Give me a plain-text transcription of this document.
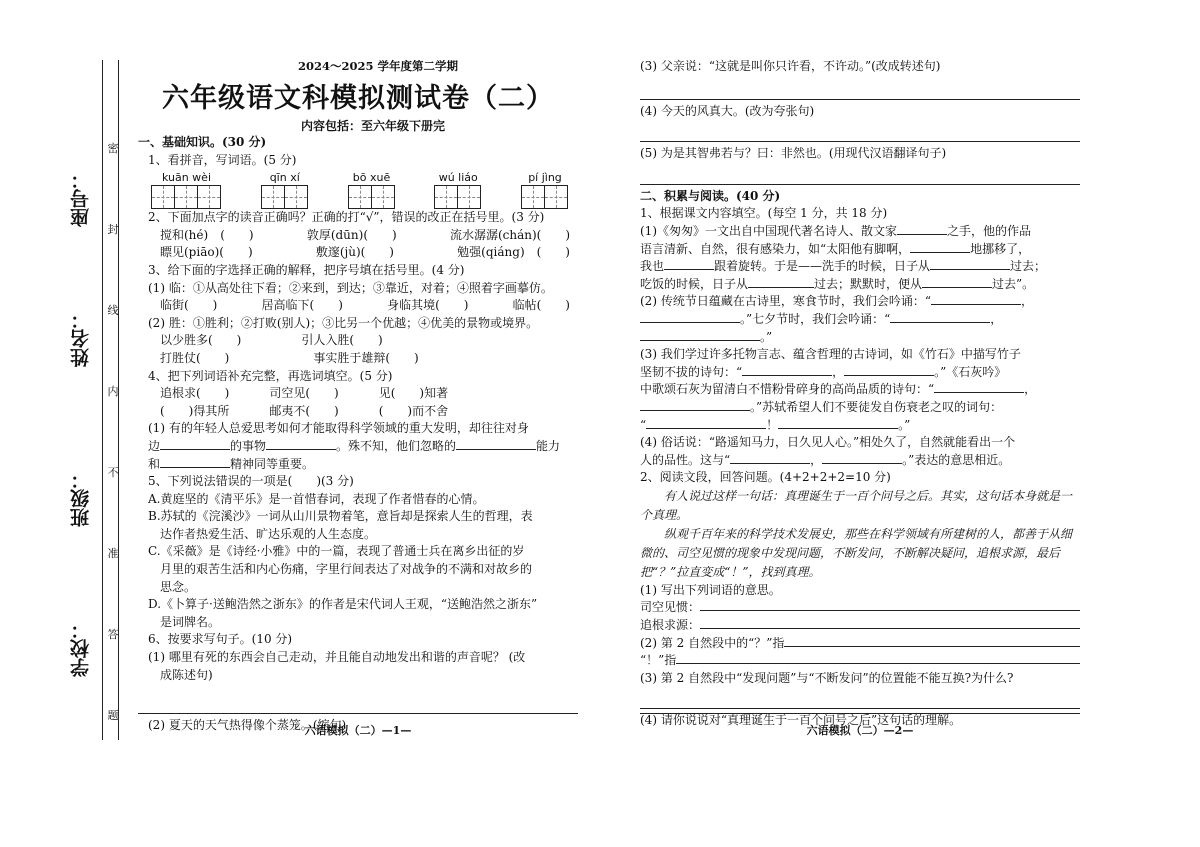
学校：
班级：
姓名：
座号：
密
封
线
内
不
准
答
题
2024～2025 学年度第二学期
六年级语文科模拟测试卷（二）
内容包括：至六年级下册完
一、基础知识。(30 分)
1、看拼音，写词语。(5 分)
kuān wèi	qīn xí	bō xuē	wú liáo	pí jìng
2、下面加点字的读音正确吗？正确的打“√”，错误的改正在括号里。(3 分)
搅和(hé)　(　　)	敦厚(dūn)(　　)	流水潺潺(chán)(　　)
瞟见(piāo)(　　)	敷邃(jù)(　　)	勉强(qiáng)　(　　)
3、给下面的字选择正确的解释，把序号填在括号里。(4 分)
(1) 临：①从高处往下看；②来到，到达；③靠近，对着；④照着字画摹仿。
临街(　　)	居高临下(　　)	身临其境(　　)	临帖(　　)
(2) 胜：①胜利；②打败(别人)；③比另一个优越；④优美的景物或境界。
以少胜多(　　)	引人入胜(　　)
打胜仗(　　)	事实胜于雄辩(　　)
4、把下列词语补充完整，再选词填空。(5 分)
追根求(　　)	司空见(　　)	见(　　)知著
(　　)得其所	邮夷不(　　)	(　　)而不舍
(1) 有的年轻人总爱思考如何才能取得科学领域的重大发明，却往往对身
边	的事物	。殊不知，他们忽略的	能力
和	精神同等重要。
5、下列说法错误的一项是(　　)(3 分)
A.黄庭坚的《清平乐》是一首惜春词，表现了作者惜春的心情。
B.苏轼的《浣溪沙》一词从山川景物着笔，意旨却是探索人生的哲理，表
达作者热爱生活、旷达乐观的人生态度。
C.《采薇》是《诗经·小雅》中的一篇，表现了普通士兵在离乡出征的岁
月里的艰苦生活和内心伤痛，字里行间表达了对战争的不满和对故乡的
思念。
D.《卜算子·送鲍浩然之浙东》的作者是宋代词人王观，“送鲍浩然之浙东”
是词牌名。
6、按要求写句子。(10 分)
(1) 哪里有死的东西会自己走动，并且能自动地发出和谐的声音呢？ (改
成陈述句)
(2) 夏天的天气热得像个蒸笼。(缩句)
六语模拟（二）—1—
(3) 父亲说：“这就是叫你只许看，不许动。”(改成转述句)
(4) 今天的风真大。(改为夸张句)
(5) 为是其智弗若与？曰：非然也。(用现代汉语翻译句子)
二、积累与阅读。(40 分)
1、根据课文内容填空。(每空 1 分，共 18 分)
(1)《匆匆》一文出自中国现代著名诗人、散文家	之手，他的作品
语言清新、自然，很有感染力，如“太阳他有脚啊，	地挪移了，
我也	跟着旋转。于是——洗手的时候，日子从	过去；
吃饭的时候，日子从	过去；默默时，便从	过去”。
(2) 传统节日蕴藏在古诗里，寒食节时，我们会吟诵：“	，
。”七夕节时，我们会吟诵：“	，
。”
(3) 我们学过许多托物言志、蕴含哲理的古诗词，如《竹石》中描写竹子
坚韧不拔的诗句：“	，	。”《石灰吟》
中歌颂石灰为留清白不惜粉骨碎身的高尚品质的诗句：“	，
。”苏轼希望人们不要徒发自伤衰老之叹的词句：
“	！	。”
(4) 俗话说：“路遥知马力，日久见人心。”相处久了，自然就能看出一个
人的品性。这与“	，	。”表达的意思相近。
2、阅读文段，回答问题。(4+2+2+2=10 分)
有人说过这样一句话：真理诞生于一百个问号之后。其实，这句话本身就是一个真理。
纵观千百年来的科学技术发展史，那些在科学领域有所建树的人，都善于从细微的、司空见惯的现象中发现问题，不断发问，不断解决疑问，追根求源，最后把“？”拉直变成“！”，找到真理。
(1) 写出下列词语的意思。
司空见惯：
追根求源：
(2) 第 2 自然段中的“？”指
“！”指
(3) 第 2 自然段中“发现问题”与“不断发问”的位置能不能互换?为什么?
(4) 请你说说对“真理诞生于一百个问号之后”这句话的理解。
六语模拟（二）—2—
